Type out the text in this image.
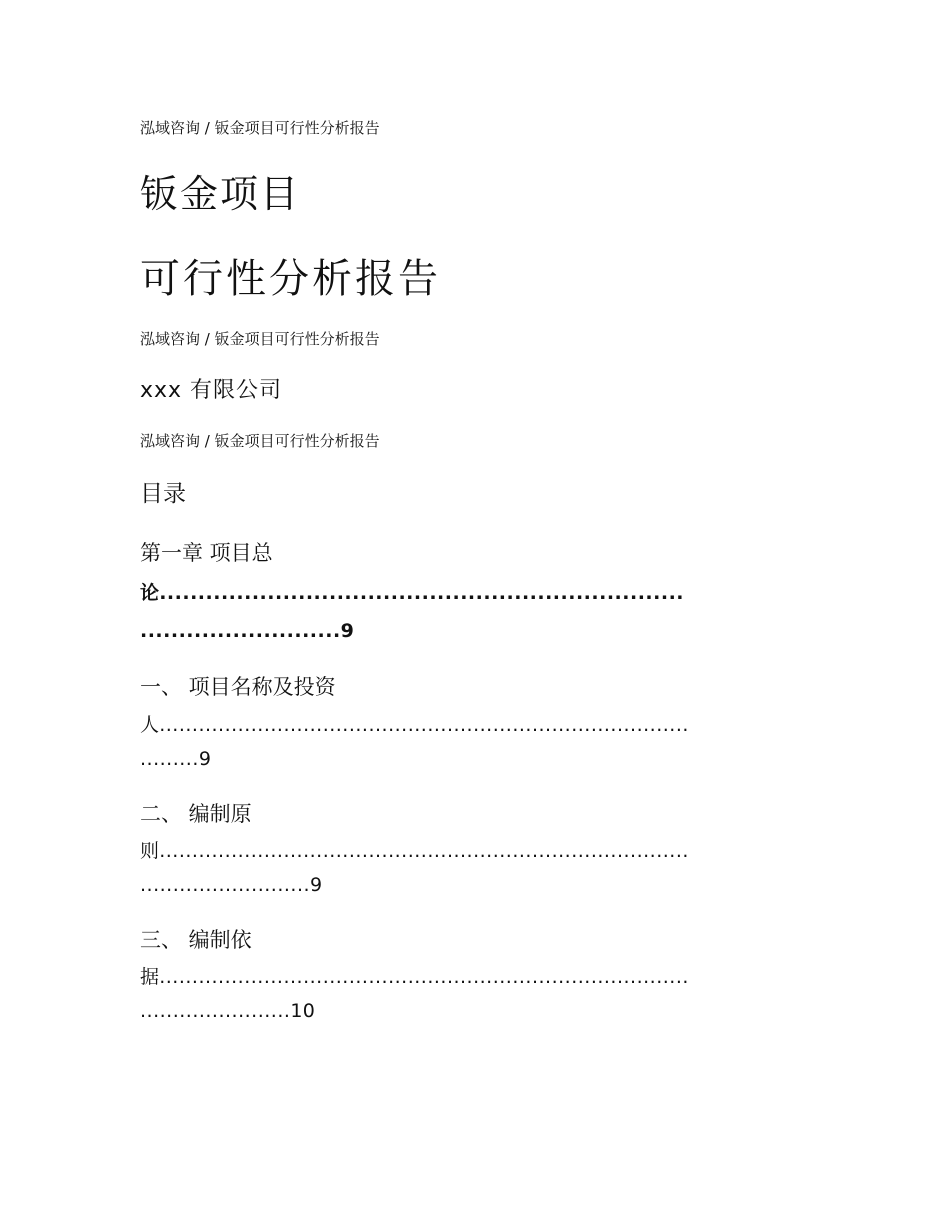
泓域咨询 / 钣金项目可行性分析报告
钣金项目
可行性分析报告
泓域咨询 / 钣金项目可行性分析报告
xxx 有限公司
泓域咨询 / 钣金项目可行性分析报告
目录
第一章 项目总
论....................................................................
..........................9
一、 项目名称及投资
人.................................................................................
.........9
二、 编制原
则.................................................................................
..........................9
三、 编制依
据.................................................................................
.......................10
